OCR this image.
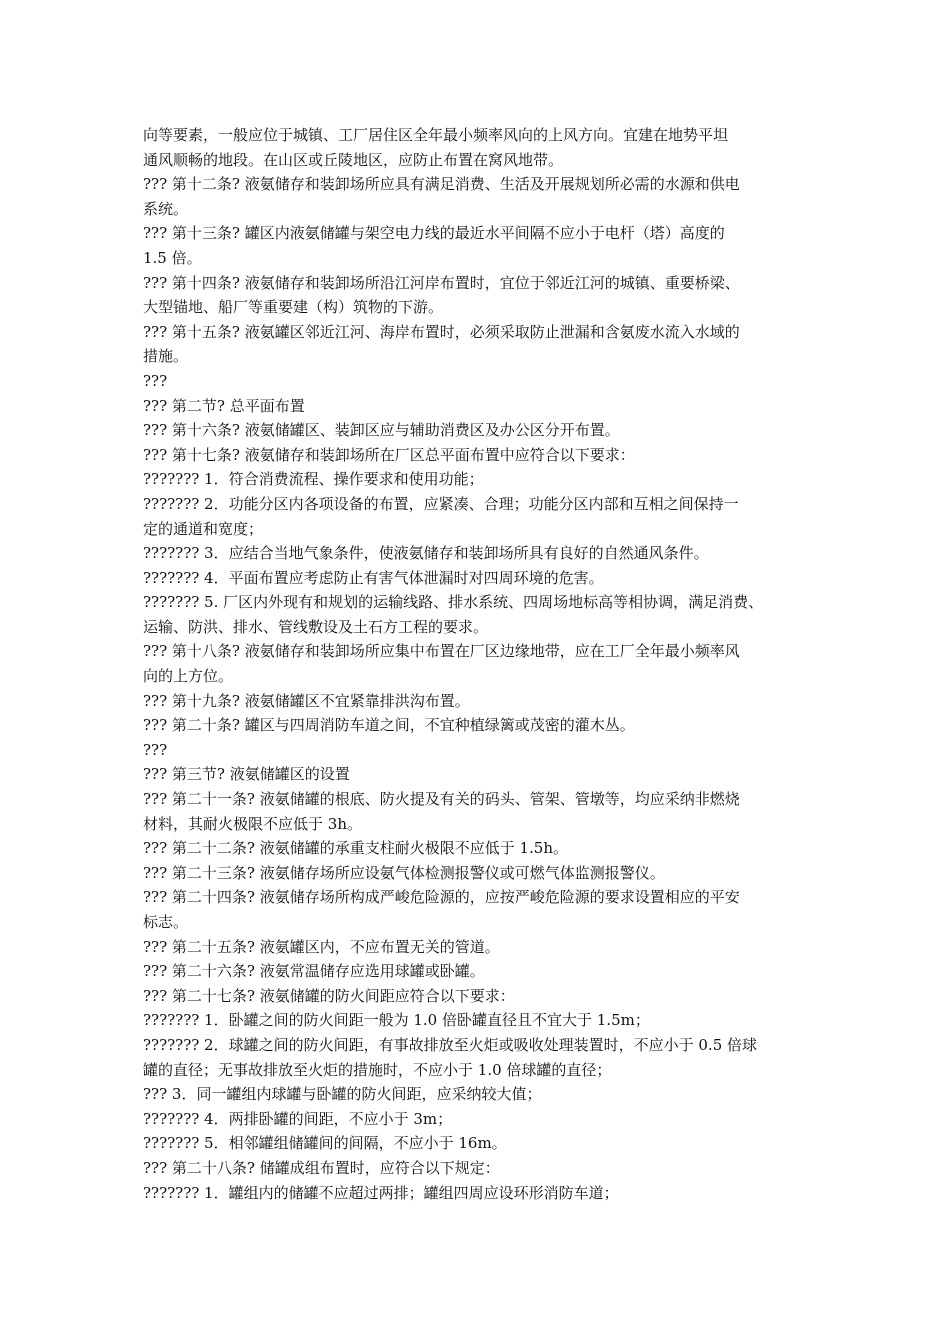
向等要素，一般应位于城镇、工厂居住区全年最小频率风向的上风方向。宜建在地势平坦
通风顺畅的地段。在山区或丘陵地区，应防止布置在窝风地带。
??? 第十二条? 液氨储存和装卸场所应具有满足消费、生活及开展规划所必需的水源和供电
系统。
??? 第十三条? 罐区内液氨储罐与架空电力线的最近水平间隔不应小于电杆（塔）高度的
1.5 倍。
??? 第十四条? 液氨储存和装卸场所沿江河岸布置时，宜位于邻近江河的城镇、重要桥梁、
大型锚地、船厂等重要建（构）筑物的下游。
??? 第十五条? 液氨罐区邻近江河、海岸布置时，必须采取防止泄漏和含氨废水流入水域的
措施。
???
??? 第二节? 总平面布置
??? 第十六条? 液氨储罐区、装卸区应与辅助消费区及办公区分开布置。
??? 第十七条? 液氨储存和装卸场所在厂区总平面布置中应符合以下要求：
??????? 1．符合消费流程、操作要求和使用功能；
??????? 2．功能分区内各项设备的布置，应紧凑、合理；功能分区内部和互相之间保持一
定的通道和宽度；
??????? 3．应结合当地气象条件，使液氨储存和装卸场所具有良好的自然通风条件。
??????? 4．平面布置应考虑防止有害气体泄漏时对四周环境的危害。
??????? 5. 厂区内外现有和规划的运输线路、排水系统、四周场地标高等相协调，满足消费、
运输、防洪、排水、管线敷设及土石方工程的要求。
??? 第十八条? 液氨储存和装卸场所应集中布置在厂区边缘地带，应在工厂全年最小频率风
向的上方位。
??? 第十九条? 液氨储罐区不宜紧靠排洪沟布置。
??? 第二十条? 罐区与四周消防车道之间，不宜种植绿篱或茂密的灌木丛。
???
??? 第三节? 液氨储罐区的设置
??? 第二十一条? 液氨储罐的根底、防火提及有关的码头、管架、管墩等，均应采纳非燃烧
材料，其耐火极限不应低于 3h。
??? 第二十二条? 液氨储罐的承重支柱耐火极限不应低于 1.5h。
??? 第二十三条? 液氨储存场所应设氨气体检测报警仪或可燃气体监测报警仪。
??? 第二十四条? 液氨储存场所构成严峻危险源的，应按严峻危险源的要求设置相应的平安
标志。
??? 第二十五条? 液氨罐区内，不应布置无关的管道。
??? 第二十六条? 液氨常温储存应选用球罐或卧罐。
??? 第二十七条? 液氨储罐的防火间距应符合以下要求：
??????? 1．卧罐之间的防火间距一般为 1.0 倍卧罐直径且不宜大于 1.5m；
??????? 2．球罐之间的防火间距，有事故排放至火炬或吸收处理装置时，不应小于 0.5 倍球
罐的直径；无事故排放至火炬的措施时，不应小于 1.0 倍球罐的直径；
??? 3．同一罐组内球罐与卧罐的防火间距，应采纳较大值；
??????? 4．两排卧罐的间距，不应小于 3m；
??????? 5．相邻罐组储罐间的间隔，不应小于 16m。
??? 第二十八条? 储罐成组布置时，应符合以下规定：
??????? 1．罐组内的储罐不应超过两排；罐组四周应设环形消防车道；
